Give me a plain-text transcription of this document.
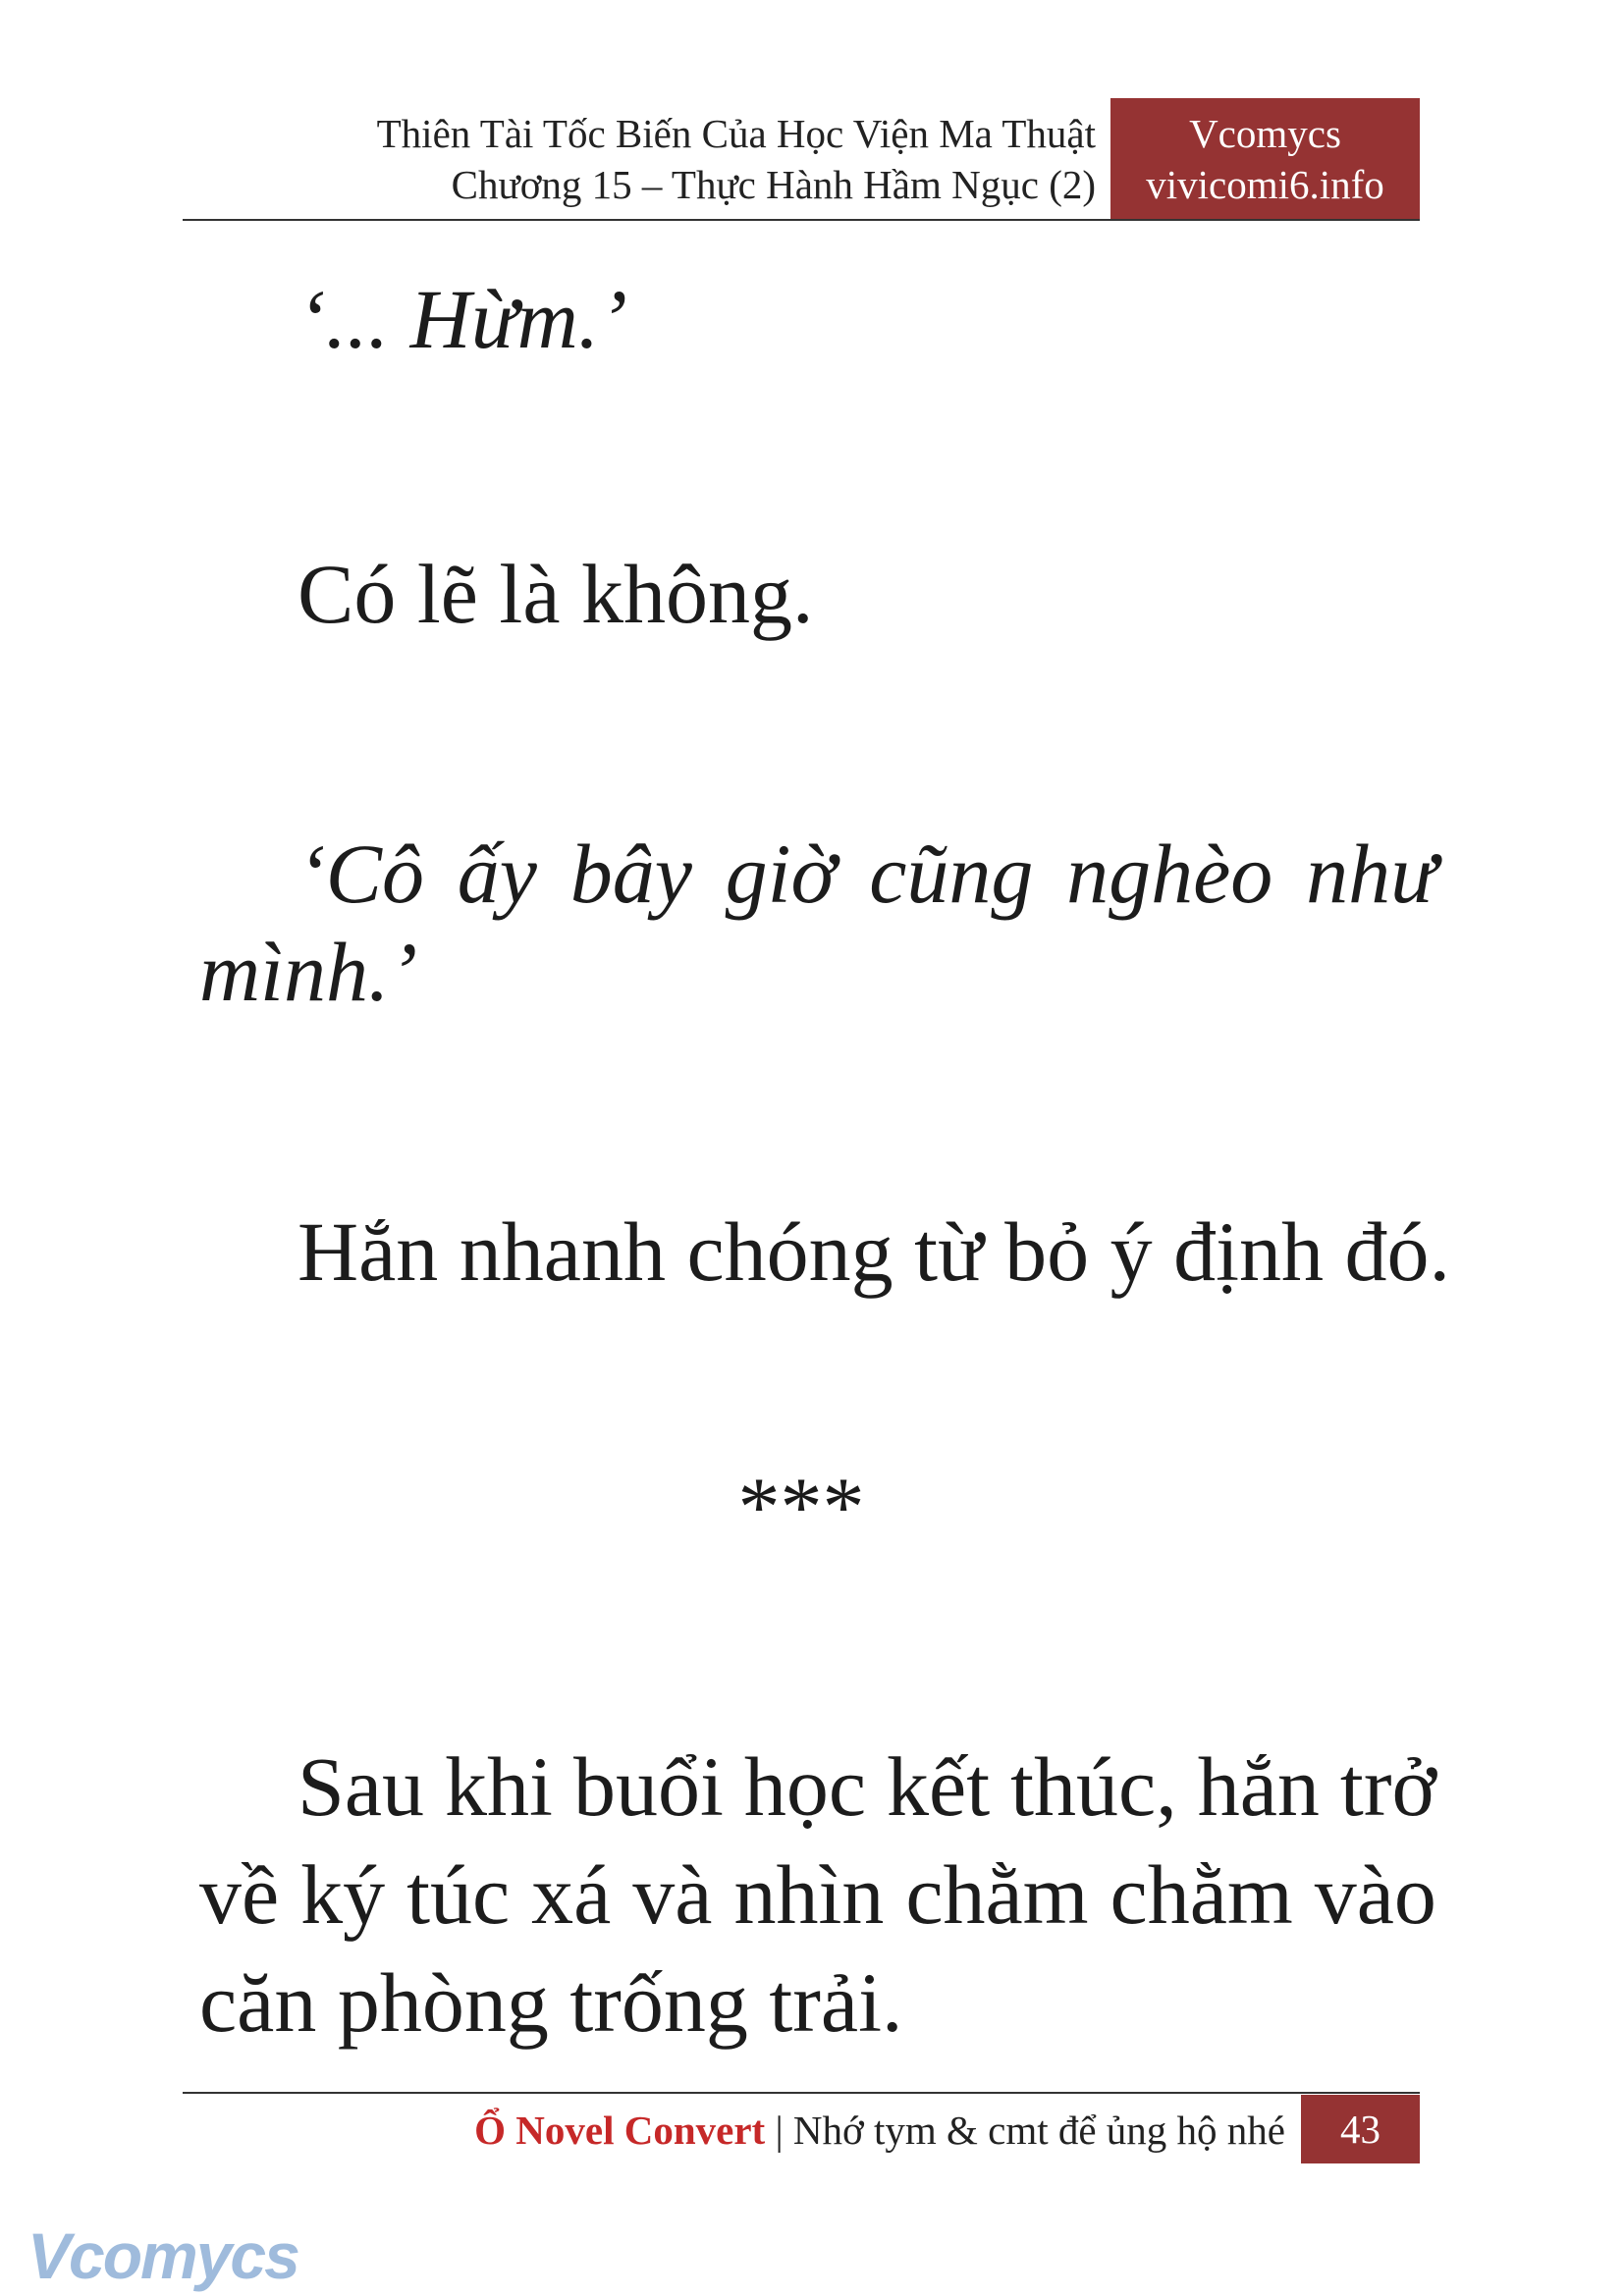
Thiên Tài Tốc Biến Của Học Viện Ma Thuật
Chương 15 – Thực Hành Hầm Ngục (2)
Vcomycs
vivicomi6.info
‘... Hừm.’
Có lẽ là không.
‘Cô ấy bây giờ cũng nghèo như
mình.’
Hắn nhanh chóng từ bỏ ý định đó.
***
Sau khi buổi học kết thúc, hắn trở
về ký túc xá và nhìn chằm chằm vào
căn phòng trống trải.
Ổ Novel Convert | Nhớ tym & cmt để ủng hộ nhé	43
Vcomycs
